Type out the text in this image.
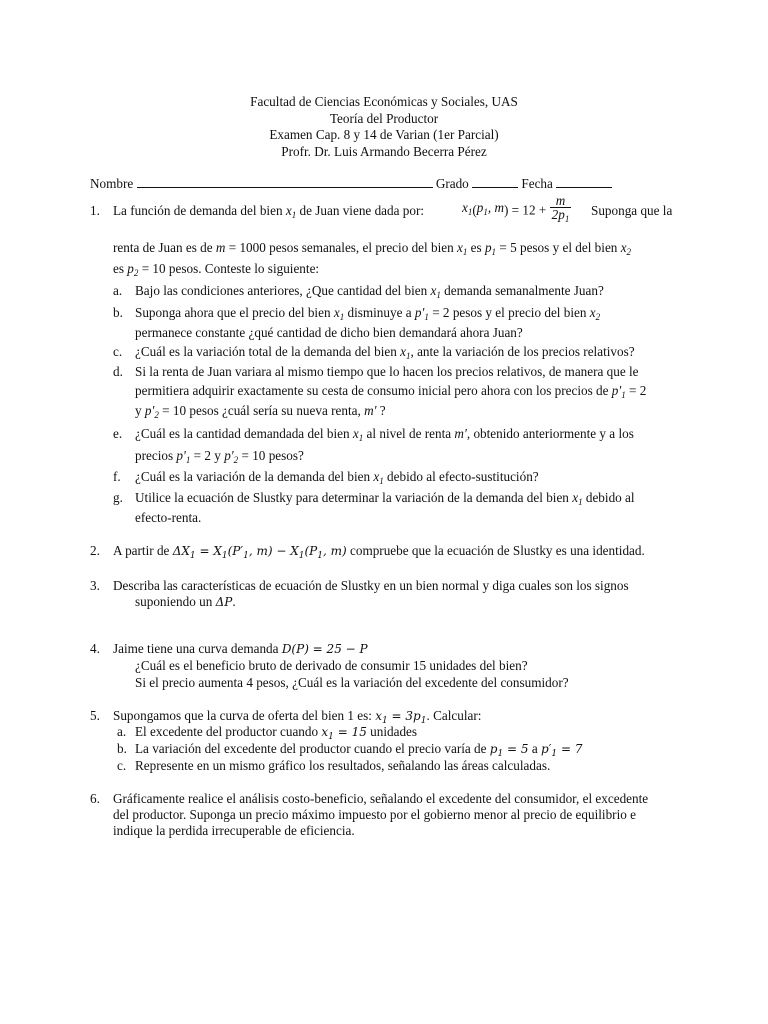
Facultad de Ciencias Económicas y Sociales, UAS
Teoría del Productor
Examen Cap. 8 y 14 de Varian (1er Parcial)
Profr. Dr. Luis Armando Becerra Pérez
Nombre	Grado	Fecha
1. La función de demanda del bien $x_1$ de Juan viene dada por:	$x_1(p_1$, $m) = 12 + \frac{m}{2p_1}$ Suponga que la
renta de Juan es de m = 1000 pesos semanales, el precio del bien $x_1$ es $p_1 = 5$ pesos y el del bien $x_2$
es $p_2 = 10$ pesos. Conteste lo siguiente:
a. Bajo las condiciones anteriores, ¿Que cantidad del bien $x_1$ demanda semanalmente Juan?
b. Suponga ahora que el precio del bien $x_1$ disminuye a $p'_1 = 2$ pesos y el precio del bien $x_2$
permanece constante ¿qué cantidad de dicho bien demandará ahora Juan?
c. ¿Cuál es la variación total de la demanda del bien $x_1$, ante la variación de los precios relativos?
d. Si la renta de Juan variara al mismo tiempo que lo hacen los precios relativos, de manera que le
permitiera adquirir exactamente su cesta de consumo inicial pero ahora con los precios de $p'_1 = 2$
y $p'_2 = 10$ pesos ¿cuál sería su nueva renta, m′ ?
e. ¿Cuál es la cantidad demandada del bien $x_1$ al nivel de renta m′, obtenido anteriormente y a los
precios $p'_1 = 2$ y $p'_2 = 10$ pesos?
f. ¿Cuál es la variación de la demanda del bien $x_1$ debido al efecto-sustitución?
g. Utilice la ecuación de Slustky para determinar la variación de la demanda del bien $x_1$ debido al
efecto-renta.
2. A partir de $\Delta X_1 = X_1(P'_1$, $m) - X_1(P_1$, m) compruebe que la ecuación de Slustky es una identidad.
3. Describa las características de ecuación de Slustky en un bien normal y diga cuales son los signos
suponiendo un ΔP.
4. Jaime tiene una curva demanda D(P) = 25 − P
¿Cuál es el beneficio bruto de derivado de consumir 15 unidades del bien?
Si el precio aumenta 4 pesos, ¿Cuál es la variación del excedente del consumidor?
5. Supongamos que la curva de oferta del bien 1 es: $x_1 = 3p_1$. Calcular:
a. El excedente del productor cuando $x_1 = 15$ unidades
b. La variación del excedente del productor cuando el precio varía de $p_1 = 5$ a $p'_1 = 7$
c. Represente en un mismo gráfico los resultados, señalando las áreas calculadas.
6. Gráficamente realice el análisis costo-beneficio, señalando el excedente del consumidor, el excedente
del productor. Suponga un precio máximo impuesto por el gobierno menor al precio de equilibrio e
indique la perdida irrecuperable de eficiencia.
